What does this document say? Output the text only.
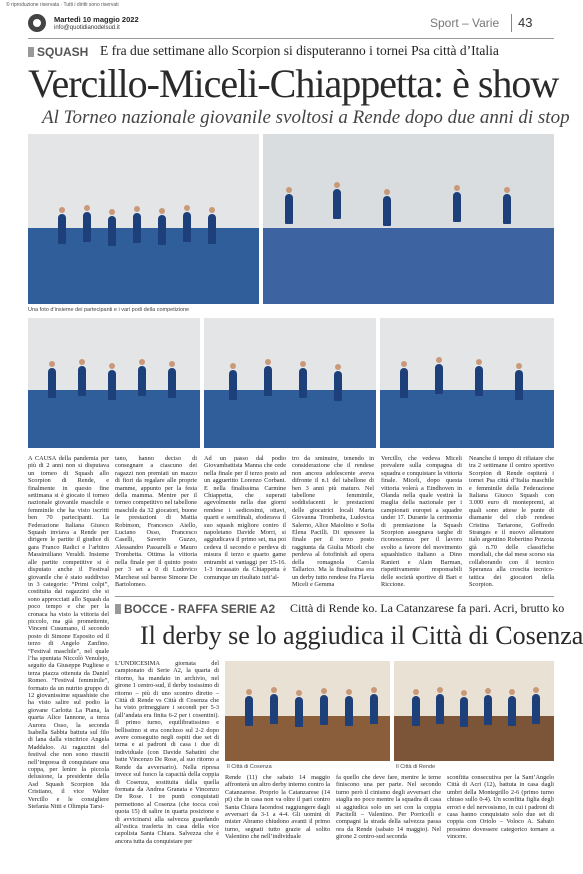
© riproduzione riservata · Tutti i diritti sono riservati
Martedì 10 maggio 2022
info@quotidianodelsud.it	Sport – Varie 43
SQUASH E fra due settimane allo Scorpion si disputeranno i tornei Psa città d’Italia
Vercillo-Miceli-Chiappetta: è show
Al Torneo nazionale giovanile svoltosi a Rende dopo due anni di stop
Una foto d’insieme dei partecipanti e i vari podi della competizione
A CAUSA della pandemia per più di 2 anni non si disputava un torneo di Squash allo Scorpion di Rende, e finalmente in questo fine settimana si è giocato il torneo nazionale giovanile maschile e femminile che ha visto iscritti ben 70 partecipanti. La Federazione Italiana Giuoco Squash inviava a Rende per dirigere le partite il giudice di gara Franco Radici e l’arbitro Massimiliano Veraldi. Insieme alle partite competitive si è disputato anche il Festival giovanile che è stato suddiviso in 3 categorie: “Primi colpi”, costituita dai ragazzini che si sono approcciati allo Squash da poco tempo e che per la cronaca ha visto la vittoria del piccolo, ma già promettente, Vincent Cusumano, il secondo posto di Simone Esposito ed il terzo di Angelo Zanfino. “Festival maschile”, nel quale l’ha spuntata Niccolò Venulejo, seguito da Giuseppe Pugliese e terza piazza ottenuta da Daniel Romeo. “Festival femminile”, formato da un nutrito gruppo di 12 giovanissime squashiste che ha visto salire sul podio la giovane Carlotta La Piana, la quarta Alice Iannone, a terza Aurora Osso, la seconda Isabella Sabbia battuta sul filo di lana dalla vincitrice Angela Maddaloo. Ai ragazzini del festival che non sono riusciti nell’impresa di conquistare una coppa, per lenire la piccola delusione, la presidente della Asd Squash Scorpion Ida Cristiano, il vice Walter Vercillo e le consigliere Stefania Nitti e Olimpia Tarsi-
tano, hanno deciso di consegnare a ciascuno dei ragazzi non premiati un mazzo di fiori da regalare alle proprie mamme, appunto per la festa della mamma. Mentre per il torneo competitivo nel tabellone maschile da 32 giocatori, buone le prestazioni di Mattia Robinson, Francesco Aiello, Luciano Osso, Francesco Caselli, Saverio Guzzo, Alessandro Passarelli e Mauro Trombetta. Ottima la vittoria nella finale per il quinto posto per 3 set a 0 di Ludovico Marchese sul barese Simone De Bartolomeo.
Ad un passo dal podio Giovambattista Manna che cede nella finale per il terzo posto ad un aggueritto Lorenzo Corbani. E nella finalissima Carmine Chiappetta, che superati agevolmente nella due giorni rendese i sedicesimi, ottavi, quarti e semifinali, sfoderava il suo squash migliore contro il napoletano Davide Morri, si aggiudicava il primo set, ma poi cedeva il secondo e perdeva di misura il terzo e quarto game entrambi ai vantaggi per 15-16. 1-3 incassato da Chiappetta è comunque un risultato tutt’al-
tro da sminuire, tenendo in considerazione che il rendese non ancora adolescente aveva difronte il n.1 del tabellone di ben 3 anni più maturo. Nel tabellone femminile, soddisfacenti le prestazioni delle giocatrici locali Marta Giovanna Trombetta, Ludovica Salerno, Alice Maiolino e Sofia Elena Pacilli. Di spessore la finale per il terzo posto raggiunta da Giulia Miceli che perdeva al fotofinish ad opera della romagnola Carola Tallarico. Ma la finalissima era un derby tutto rendese fra Flavia Miceli e Gemma
Vercillo, che vedeva Miceli prevalere sulla compagna di squadra e conquistare la vittoria finale. Miceli, dopo questa vittoria volerà a Eindhoven in Olanda nella quale vestirà la maglia della nazionale per i campionati europei a squadre under 17. Durante la cerimonia di premiazione la Squash Scorpion assegnava targhe di riconoscenza per il lavoro svolto a favore del movimento squashistico italiano a Dino Ranieri e Alain Barman, rispettivamente responsabili delle società sportive di Bari e Riccione.
Neanche il tempo di rifiatare che tra 2 settimane il centro sportivo Scorpion di Rende ospiterà i tornei Psa città d’Italia maschile e femminile della Federazione Italiana Giuoco Squash con 3.000 euro di montepremi, ai quali sono attese le punte di diamante del club rendese Cristina Tartarone, Goffredo Stranges e il nuovo allenatore italo argentino Robertino Pezzota già n.70 delle classifiche mondiali, che dal mese scorso sta collaborando con il tecnico Speranza alla crescita tecnico-tattica dei giocatori della Scorpion.
BOCCE - RAFFA SERIE A2 Città di Rende ko. La Catanzarese fa pari. Acri, brutto ko
Il derby se lo aggiudica il Città di Cosenza
L’UNDICESIMA giornata del campionato di Serie A2, la quarta di ritorno, ha mandato in archivio, nel girone 1 centro-sud, il derby tosissimo di ritorno – più di uno scontro diretto – Città di Rende vs Città di Cosenza che ha visto primeggiare i secondi per 5-3 (all’andata era finita 6-2 per i cosentini). Il primo turno, equilibratissimo e bellissimo si era concluso sul 2-2 dopo avere conseguito negli ospiti due set di terna e ai padroni di casa i due di individuale (con Davide Sabatini che batte Vincenzo De Rose, al suo ritorno a Rende da avversario). Nella ripresa invece sul fuoco la capacità della coppia di Cosenza, sostituita dalla quella formata da Andrea Granata e Vincenzo De Rose. I tre punti conquistati permettono al Cosenza (che tocca così quota 15) di salire in quarta posizione e di avvicinarsi alla salvezza guardando all’estica trasferta in casa della vice capolista Santa Chiara. Salvezza che è ancora tutta da conquistare per
Il Città di Cosenza	Il Città di Rende
Rende (11) che sabato 14 maggio affronterà un altro derby interno contro la Catanzarese. Proprio la Catanzarese (14 pt) che in casa non va oltre il pari contro Santa Chiara facendosi raggiungere dagli avversari da 3-1 a 4-4. Gli uomini di mister Abramo chiudono avanti il primo turno, segnati tutto grazie al solito Valentino che nell’individuale
fa quello che deve fare, mentre le terne finiscono una per parte. Nel secondo turno però il cinismo degli avversari che staglia no poco mentre la squadra di casa si aggiudica solo un set con la coppia Pacitelli – Valentino. Per Porricelli e compagni la strada della salvezza passa ora da Rende (sabato 14 maggio). Nel girone 2 centro-sud seconda
sconfitta consecutiva per la Sant’Angelo Città di Acri (12), battuta in casa dagli umbri della Montegrillo 2-6 (primo turno chiuso sullo 0-4). Un sconfitta figlia degli errori e del nervosismo, in cui i padroni di casa hanno conquistato solo due set di coppia con Oriolo – Voloco A. Sabato prossimo dovessere categorico tornare a vincere.
